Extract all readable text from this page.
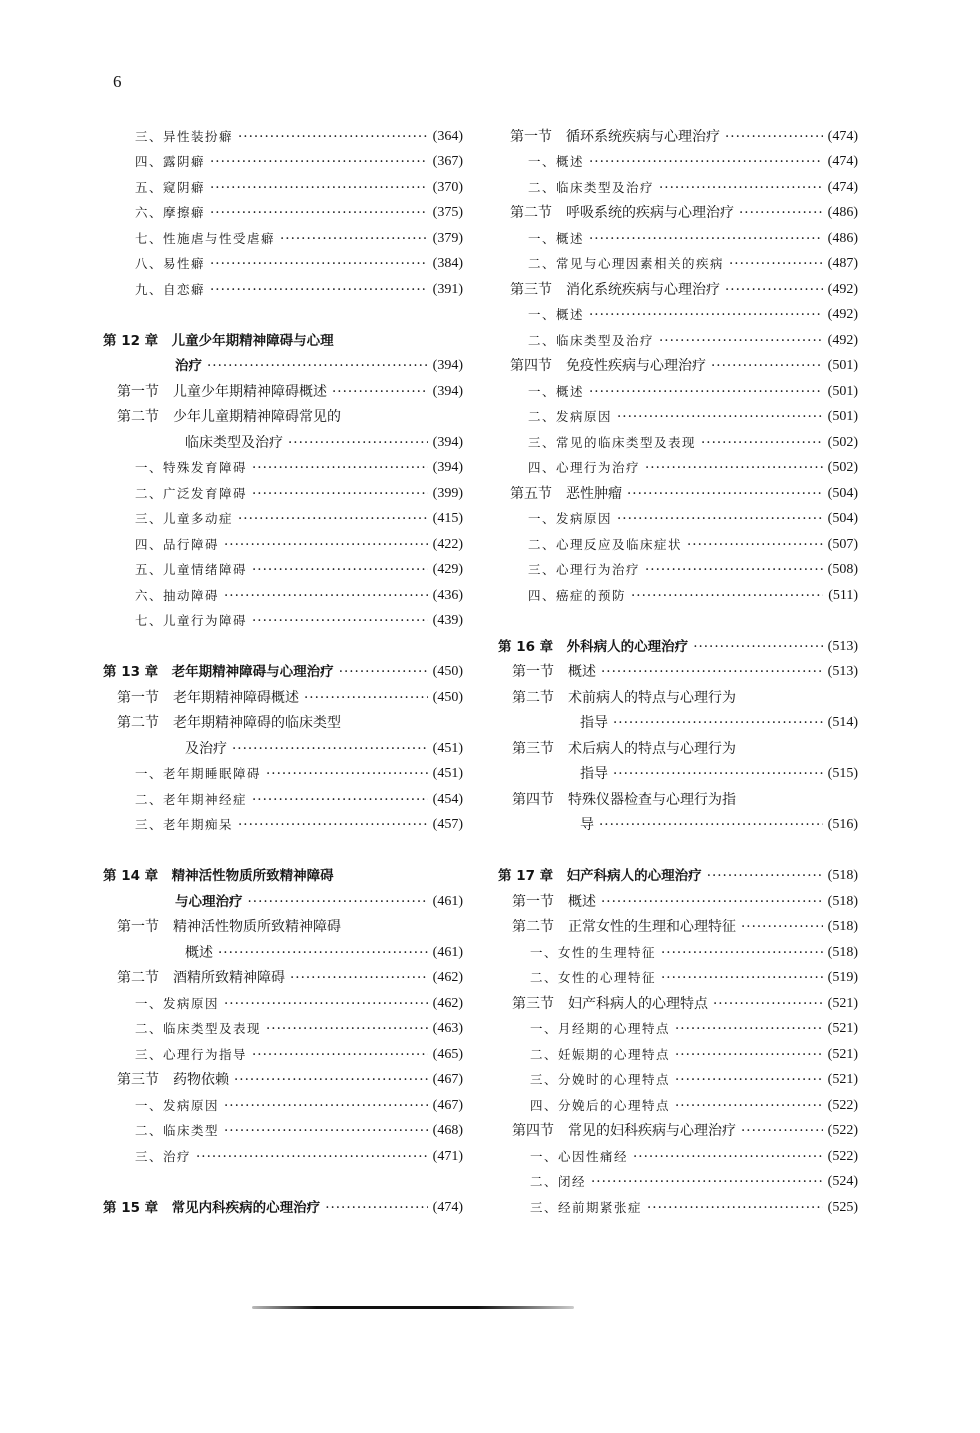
6
三、异性装扮癖 ·····	(364)
四、露阴癖 ·····	(367)
五、窥阴癖 ·····	(370)
六、摩擦癖 ·····	(375)
七、性施虐与性受虐癖 ·····	(379)
八、易性癖 ·····	(384)
九、自恋癖 ·····	(391)
第 12 章　儿童少年期精神障碍与心理
治疗 ·····	(394)
第一节　儿童少年期精神障碍概述 ·····	(394)
第二节　少年儿童期精神障碍常见的
临床类型及治疗 ·····	(394)
一、特殊发育障碍 ·····	(394)
二、广泛发育障碍 ·····	(399)
三、儿童多动症 ·····	(415)
四、品行障碍 ·····	(422)
五、儿童情绪障碍 ·····	(429)
六、抽动障碍 ·····	(436)
七、儿童行为障碍 ·····	(439)
第 13 章　老年期精神障碍与心理治疗 ·····	(450)
第一节　老年期精神障碍概述 ·····	(450)
第二节　老年期精神障碍的临床类型
及治疗 ·····	(451)
一、老年期睡眠障碍 ·····	(451)
二、老年期神经症 ·····	(454)
三、老年期痴呆 ·····	(457)
第 14 章　精神活性物质所致精神障碍
与心理治疗 ·····	(461)
第一节　精神活性物质所致精神障碍
概述 ·····	(461)
第二节　酒精所致精神障碍 ·····	(462)
一、发病原因 ·····	(462)
二、临床类型及表现 ·····	(463)
三、心理行为指导 ·····	(465)
第三节　药物依赖 ·····	(467)
一、发病原因 ·····	(467)
二、临床类型 ·····	(468)
三、治疗 ·····	(471)
第 15 章　常见内科疾病的心理治疗 ·····	(474)
第一节　循环系统疾病与心理治疗 ·····	(474)
一、概述 ·····	(474)
二、临床类型及治疗 ·····	(474)
第二节　呼吸系统的疾病与心理治疗 ·····	(486)
一、概述 ·····	(486)
二、常见与心理因素相关的疾病 ·····	(487)
第三节　消化系统疾病与心理治疗 ·····	(492)
一、概述 ·····	(492)
二、临床类型及治疗 ·····	(492)
第四节　免疫性疾病与心理治疗 ·····	(501)
一、概述 ·····	(501)
二、发病原因 ·····	(501)
三、常见的临床类型及表现 ·····	(502)
四、心理行为治疗 ·····	(502)
第五节　恶性肿瘤 ·····	(504)
一、发病原因 ·····	(504)
二、心理反应及临床症状 ·····	(507)
三、心理行为治疗 ·····	(508)
四、癌症的预防 ·····	(511)
第 16 章　外科病人的心理治疗 ·····	(513)
第一节　概述 ·····	(513)
第二节　术前病人的特点与心理行为
指导 ·····	(514)
第三节　术后病人的特点与心理行为
指导 ·····	(515)
第四节　特殊仪器检查与心理行为指
导 ·····	(516)
第 17 章　妇产科病人的心理治疗 ·····	(518)
第一节　概述 ·····	(518)
第二节　正常女性的生理和心理特征 ·····	(518)
一、女性的生理特征 ·····	(518)
二、女性的心理特征 ·····	(519)
第三节　妇产科病人的心理特点 ·····	(521)
一、月经期的心理特点 ·····	(521)
二、妊娠期的心理特点 ·····	(521)
三、分娩时的心理特点 ·····	(521)
四、分娩后的心理特点 ·····	(522)
第四节　常见的妇科疾病与心理治疗 ·····	(522)
一、心因性痛经 ·····	(522)
二、闭经 ·····	(524)
三、经前期紧张症 ·····	(525)
